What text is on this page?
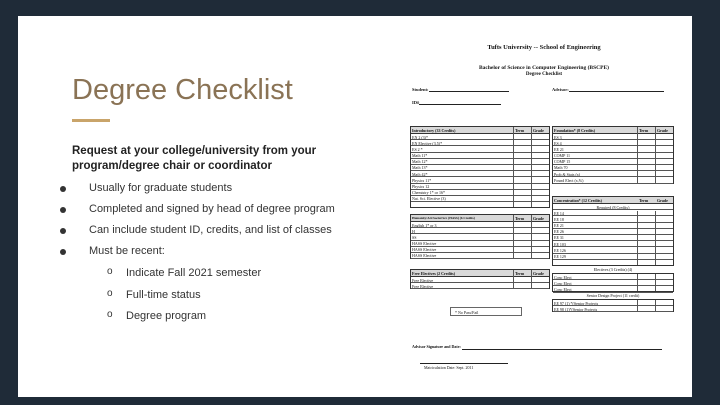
Degree Checklist
Request at your college/university from your program/degree chair or coordinator
Usually for graduate students
Completed and signed by head of degree program
Can include student ID, credits, and list of classes
Must be recent:
o Indicate Fall 2021 semester
o Full-time status
o Degree program
Tufts University -- School of Engineering
Bachelor of Science in Computer Engineering (BSCPE)
Degree Checklist
Student:	Advisor:
ID#
Introductory (33 Credits)	Term Grade
EN 2 (3)*
EN Elective (3.5)*
ES 2 *
Math 11*
Math 12*
Math 13*
Math 42*
Physics 11*
Physics 12
Chemistry 1* or 16*
Nat. Sci. Elective (3)
Foundation* (8 Credits)	Term Grade
ES 3
ES 4
EE 21
COMP 11
COMP 15
Math 70
Prob & Stats (x)
Found Elect (x,%)
Concentration* (12 Credits)	Term Grade
Required (8 Credits)
EE 14
EE 18
EE 21
EE 26
EE 31
EE 103
EE 126
EE 129
Electives (3 Credits) (4)
Conc Elect
Conc Elect
Conc Elect
Senior Design Project (11 credit)
EE 97 (1) *(Senior Projects
EE 98 (1)*(Senior Projects
Humanity/Art/Social Sci. (HASS) (6 Credits)	Term Grade
English 1* or 3
H
SS
HASS Elective
HASS Elective
HASS Elective
Free Electives (2 Credits)	Term Grade
Free Elective
Free Elective
* No Pass/Fail
Advisor Signature and Date:
Matriculation Date: Sept. 2011
